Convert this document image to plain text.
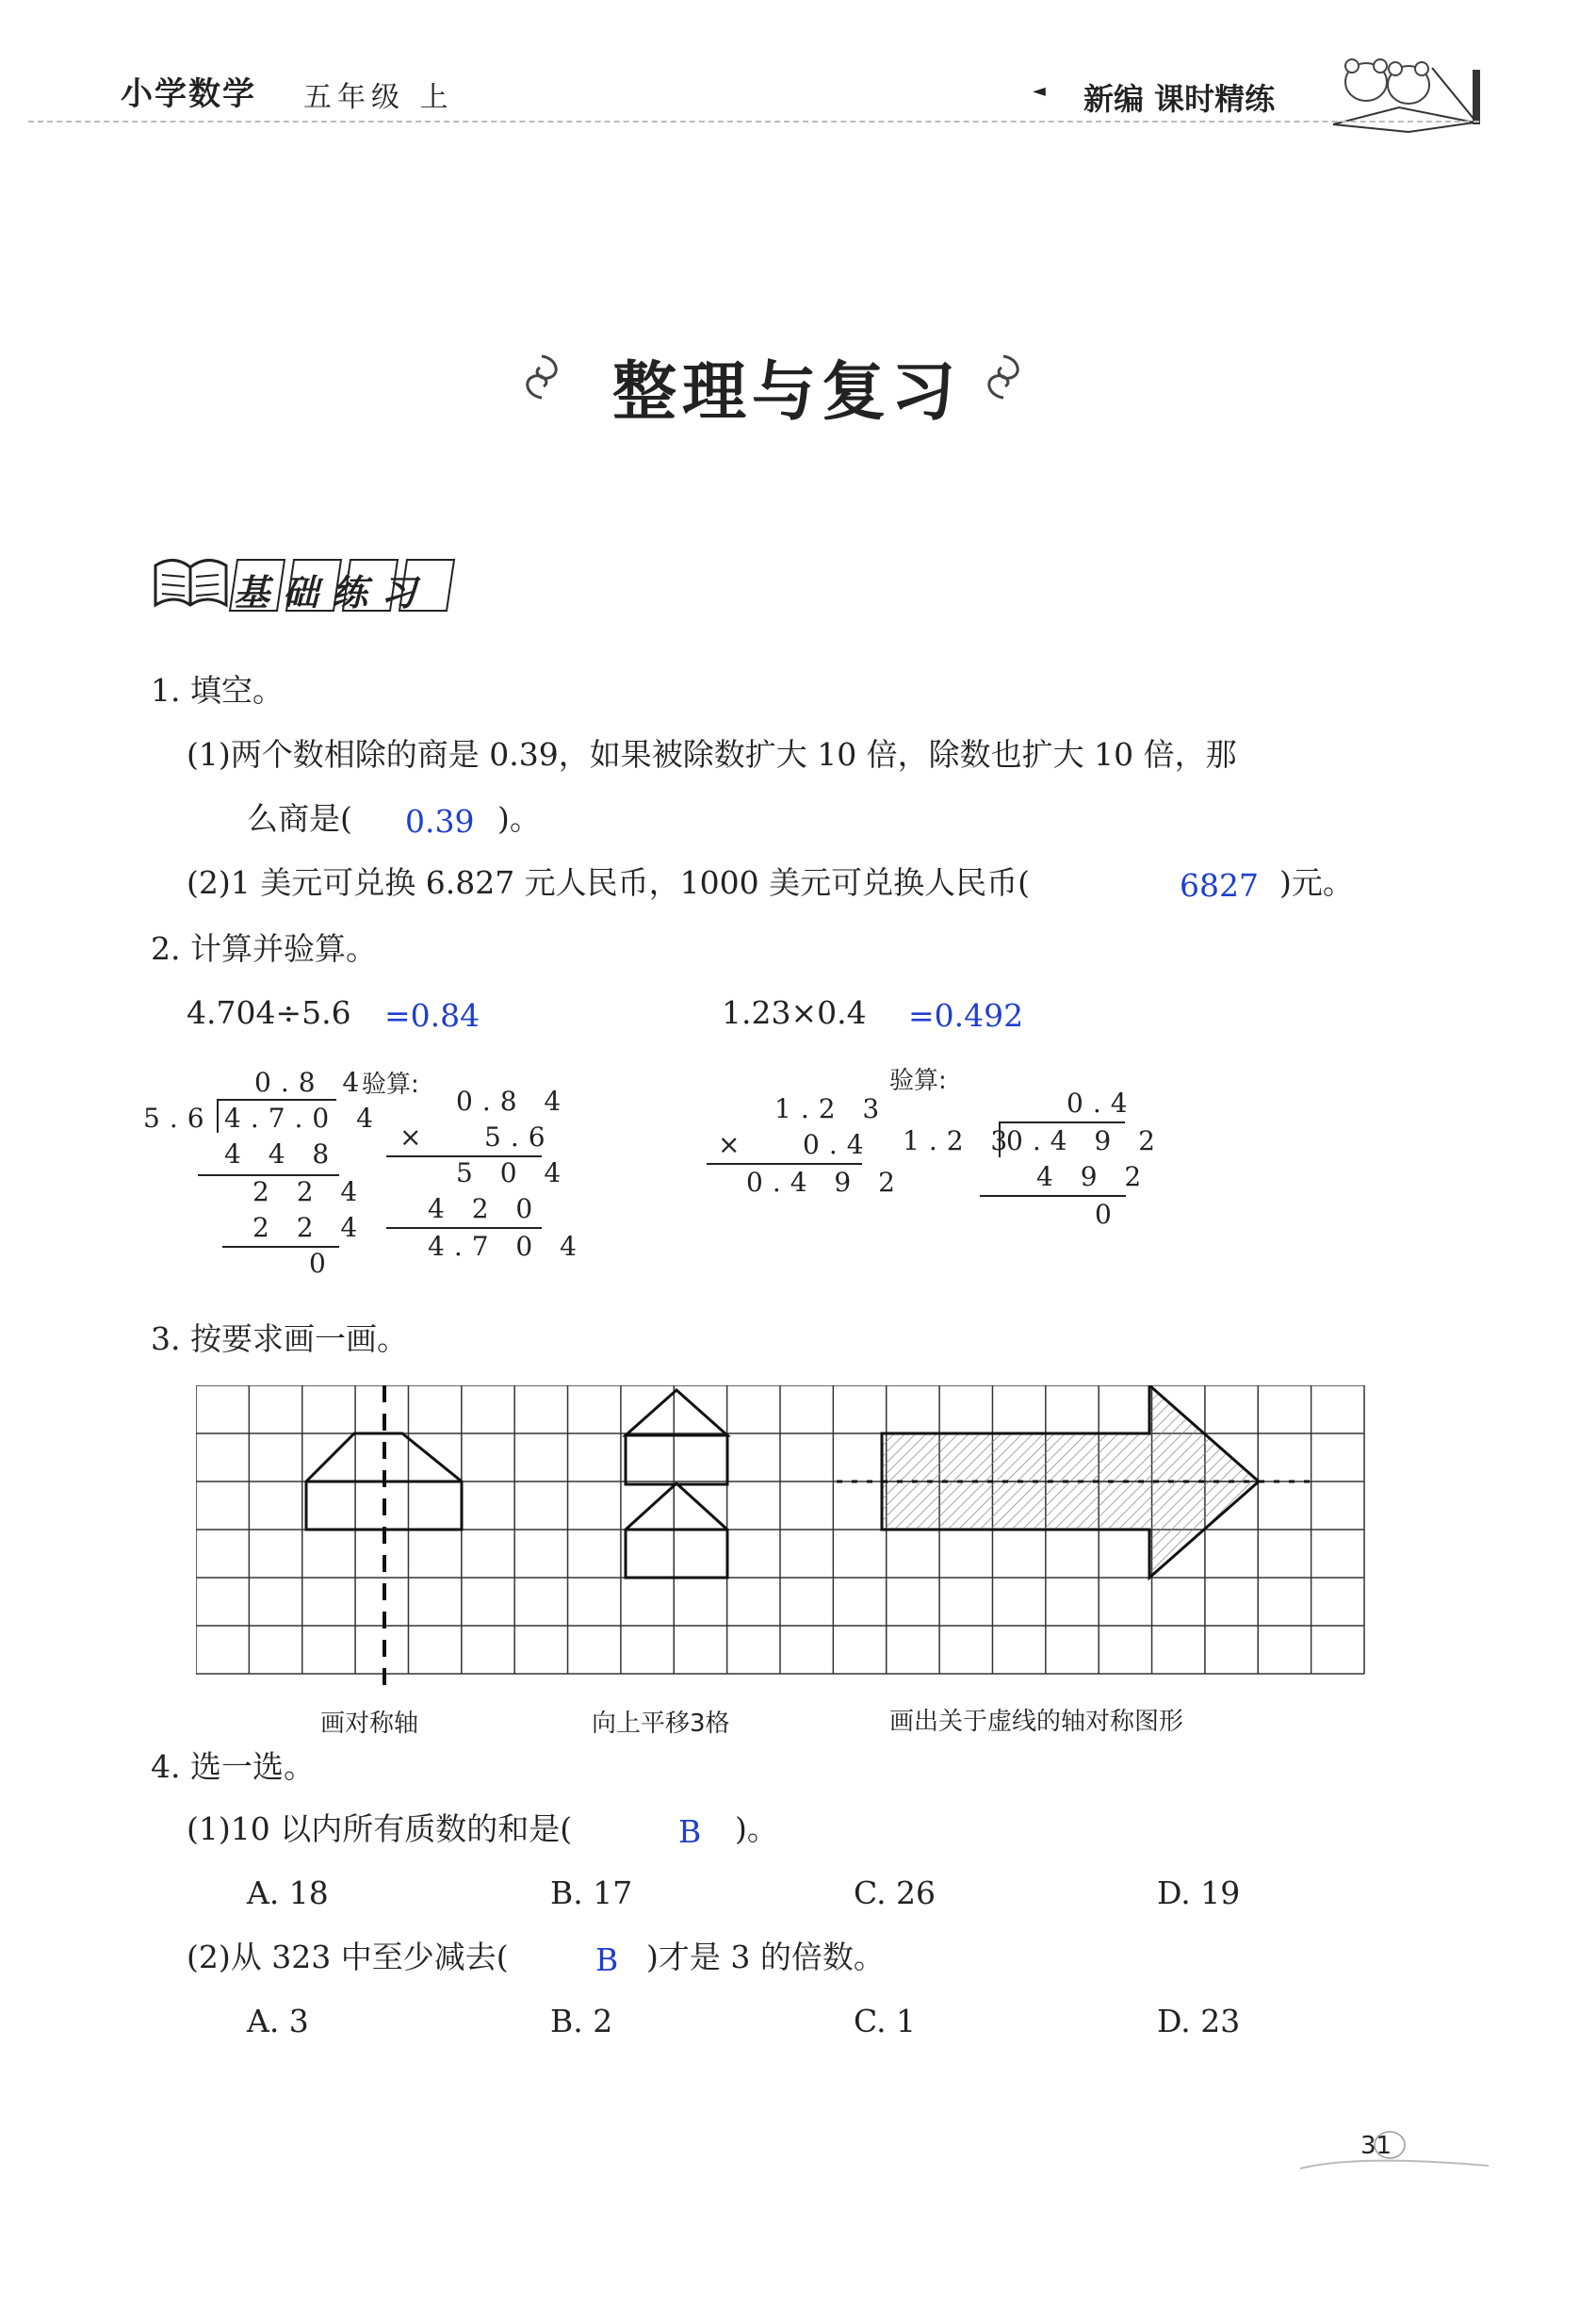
小学数学 五年级 上	◄ 新编 课时精练
整理与复习
基础练习
1. 填空。
(1)两个数相除的商是 0.39，如果被除数扩大 10 倍，除数也扩大 10 倍，那
么商是( 0.39 )。
(2)1 美元可兑换 6.827 元人民币，1000 美元可兑换人民币(	6827 )元。
2. 计算并验算。
4.704÷5.6 =0.84	1.23×0.4 =0.492
0.8 4
5.6 4.7.0 4
4 4 8
2 2 4
2 2 4
0
验算:
0.8 4
× 5.6
5 0 4
4 2 0
4.7 0 4
1.2 3
× 0.4
0.4 9 2
验算:
0.4
1.2 3
0.4 9 2
4 9 2
0
3. 按要求画一画。
画对称轴	向上平移3格	画出关于虚线的轴对称图形
4. 选一选。
(1)10 以内所有质数的和是(	B )。
A. 18	B. 17	C. 26	D. 19
(2)从 323 中至少减去(	B )才是 3 的倍数。
A. 3	B. 2	C. 1	D. 23
31
